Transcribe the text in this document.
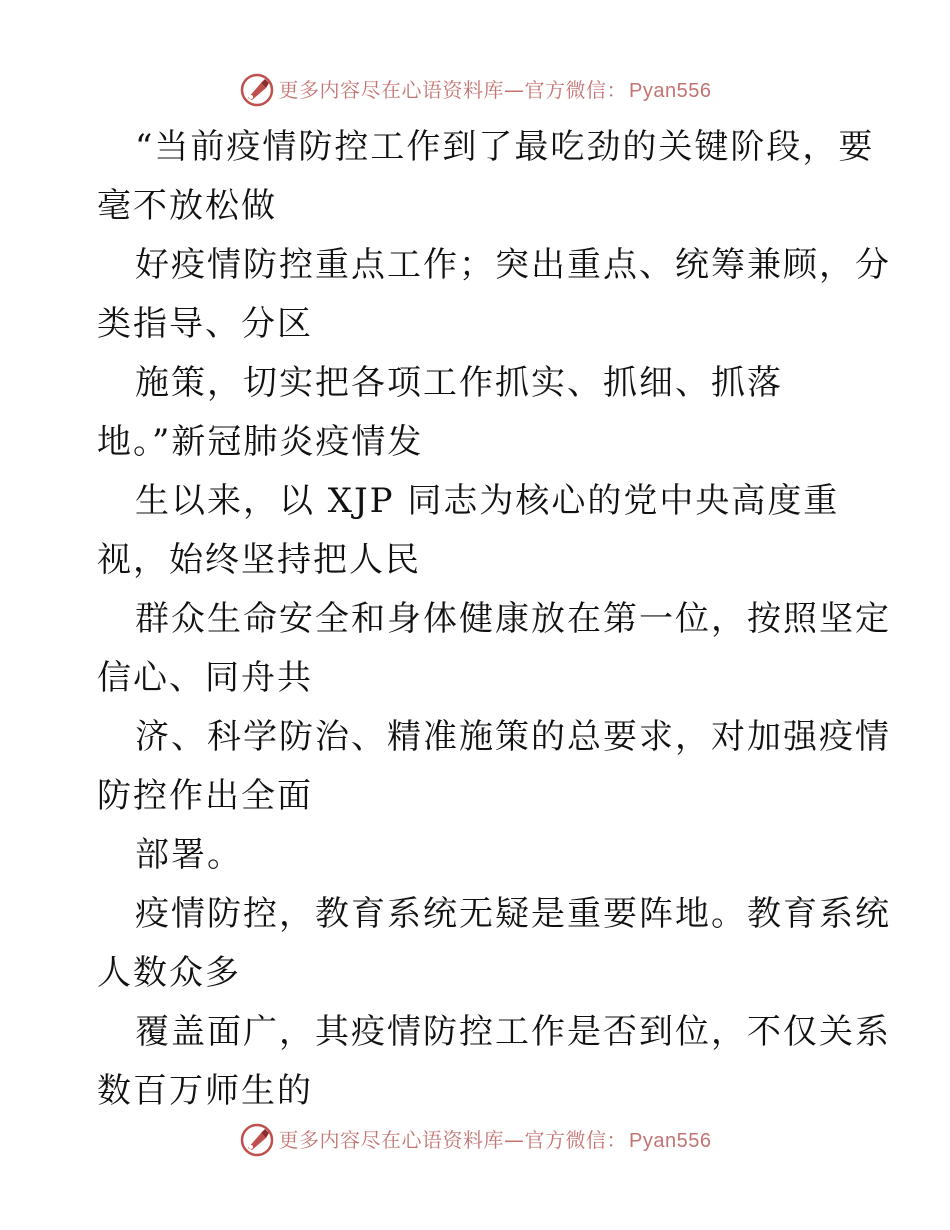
更多内容尽在心语资料库—官方微信： Pyan556
“当前疫情防控工作到了最吃劲的关键阶段，要
毫不放松做
好疫情防控重点工作；突出重点、统筹兼顾，分
类指导、分区
施策，切实把各项工作抓实、抓细、抓落
地。”新冠肺炎疫情发
生以来，以 XJP 同志为核心的党中央高度重
视，始终坚持把人民
群众生命安全和身体健康放在第一位，按照坚定
信心、同舟共
济、科学防治、精准施策的总要求，对加强疫情
防控作出全面
部署。
疫情防控，教育系统无疑是重要阵地。教育系统
人数众多
覆盖面广，其疫情防控工作是否到位，不仅关系
数百万师生的
更多内容尽在心语资料库—官方微信： Pyan556
